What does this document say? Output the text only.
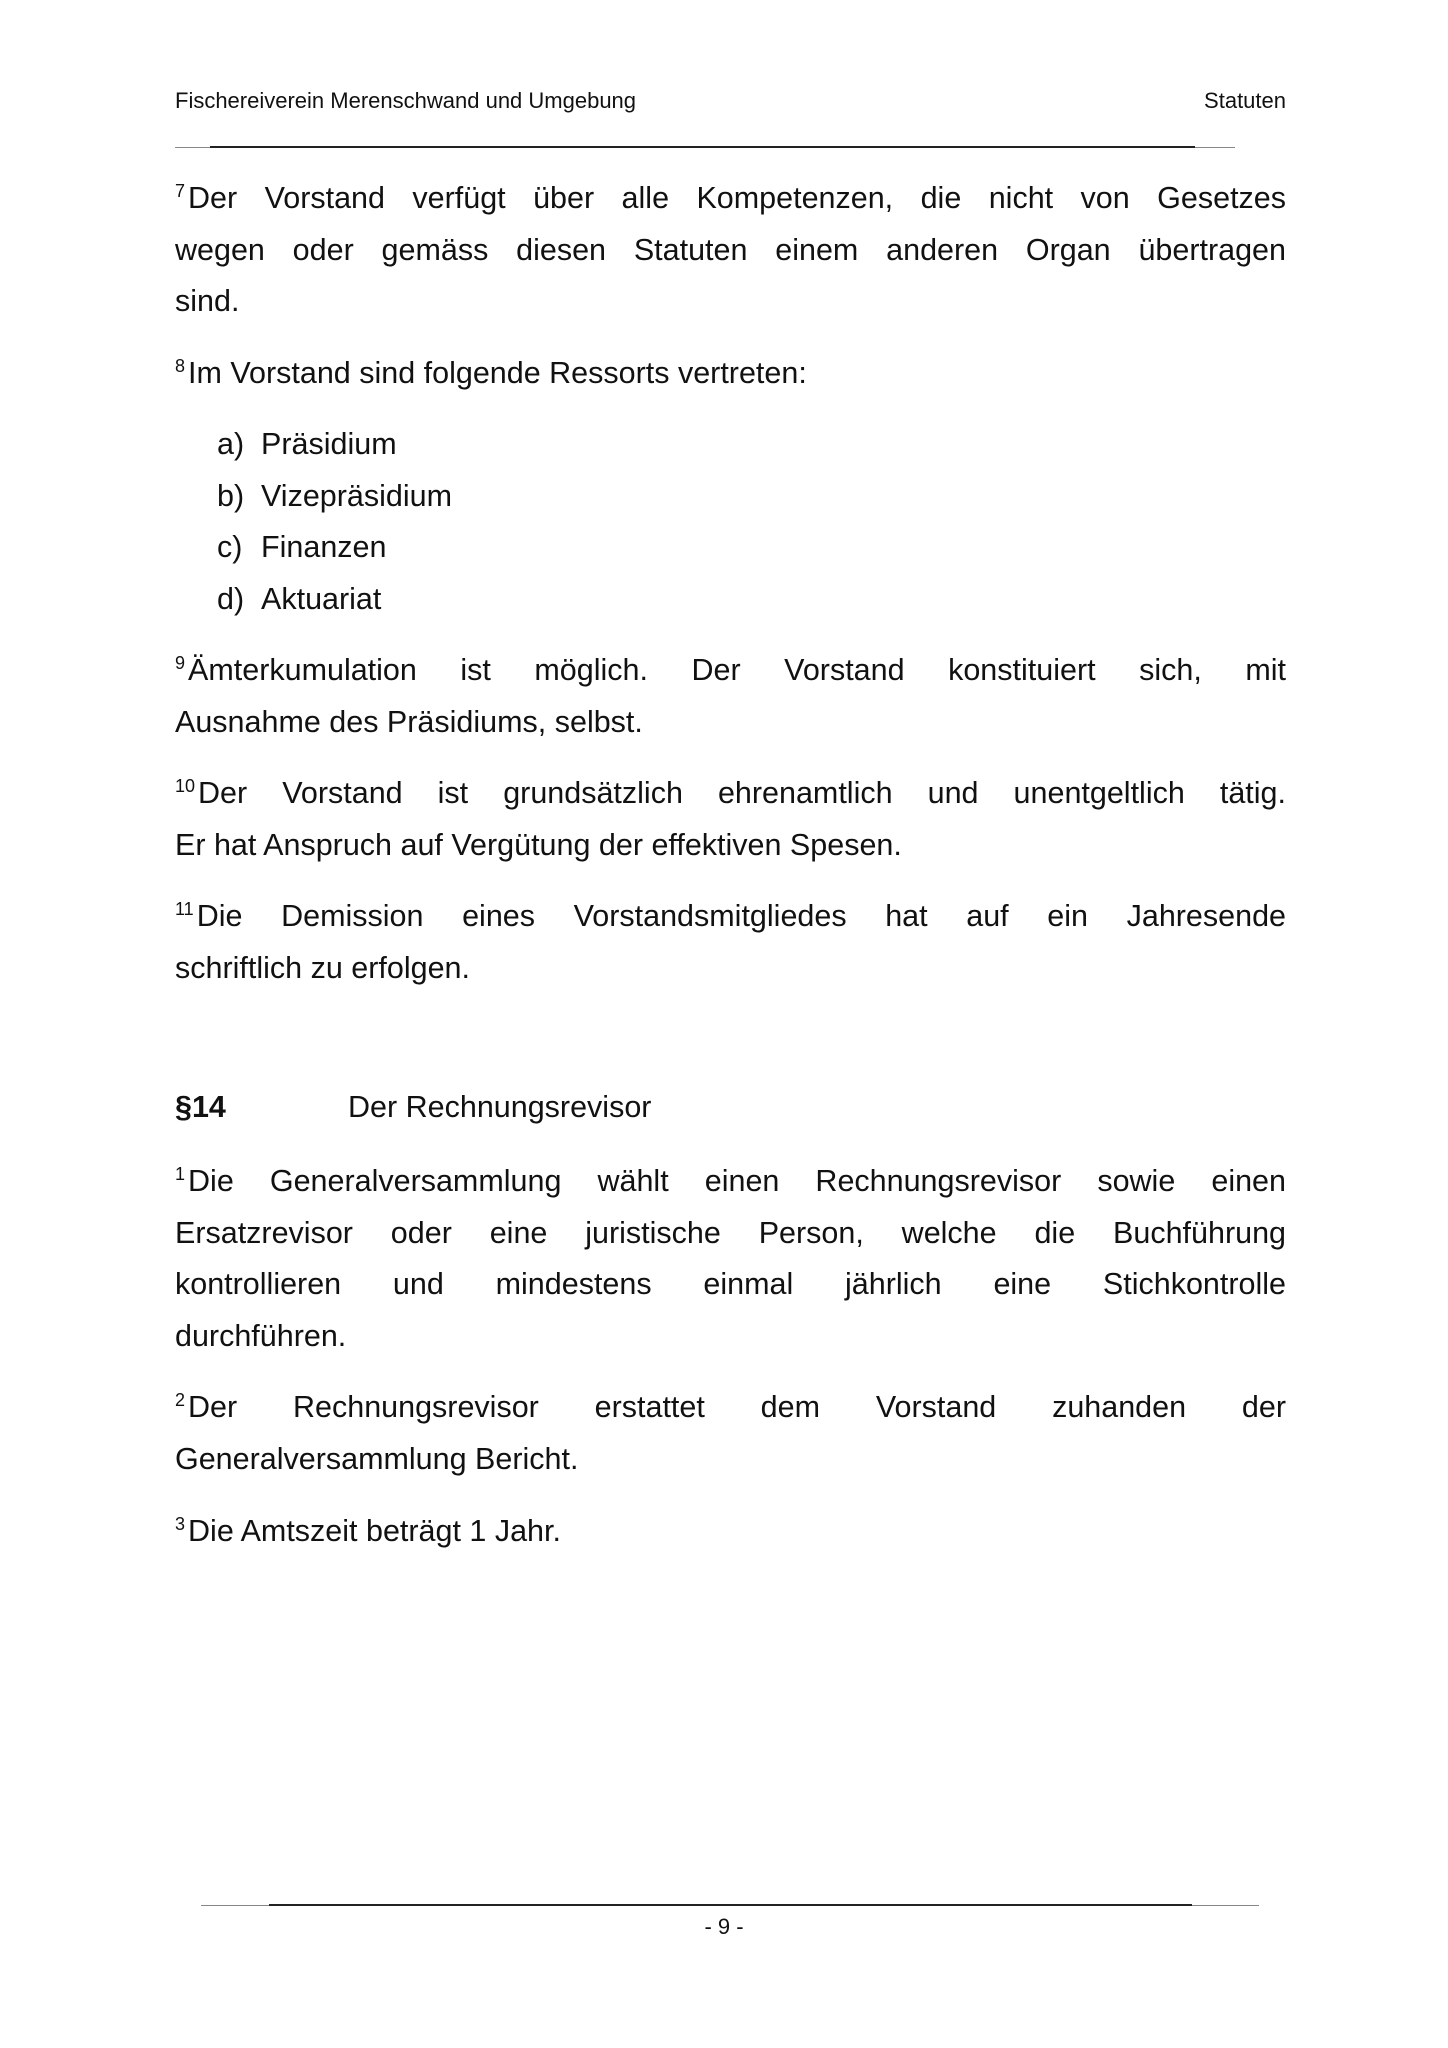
Fischereiverein Merenschwand und Umgebung	Statuten
$^7$Der Vorstand verfügt über alle Kompetenzen, die nicht von Gesetzes
wegen oder gemäss diesen Statuten einem anderen Organ übertragen
sind.
$^8$Im Vorstand sind folgende Ressorts vertreten:
a) Präsidium
b) Vizepräsidium
c) Finanzen
d) Aktuariat
$^9$Ämterkumulation ist möglich. Der Vorstand konstituiert sich, mit
Ausnahme des Präsidiums, selbst.
$^{10}$Der Vorstand ist grundsätzlich ehrenamtlich und unentgeltlich tätig.
Er hat Anspruch auf Vergütung der effektiven Spesen.
$^{11}$Die Demission eines Vorstandsmitgliedes hat auf ein Jahresende
schriftlich zu erfolgen.
§14	Der Rechnungsrevisor
$^1$Die Generalversammlung wählt einen Rechnungsrevisor sowie einen
Ersatzrevisor oder eine juristische Person, welche die Buchführung
kontrollieren und mindestens einmal jährlich eine Stichkontrolle
durchführen.
$^2$Der Rechnungsrevisor erstattet dem Vorstand zuhanden der
Generalversammlung Bericht.
$^3$Die Amtszeit beträgt 1 Jahr.
- 9 -
